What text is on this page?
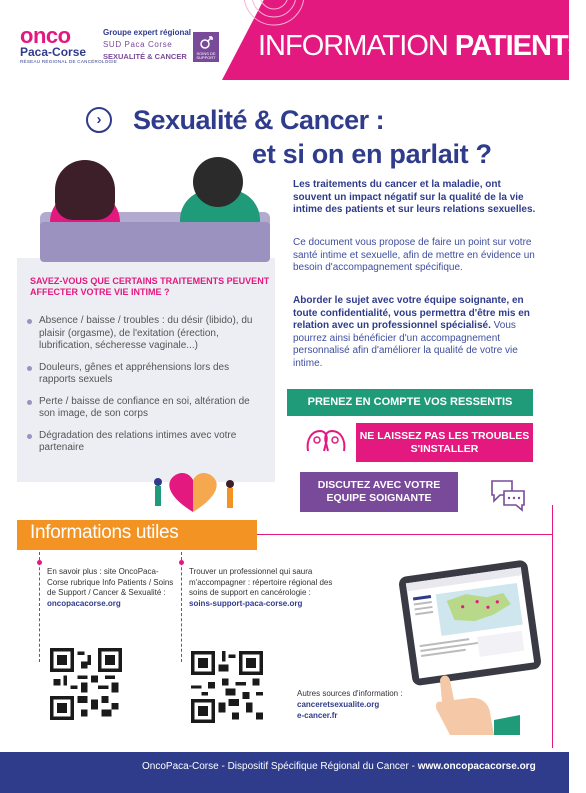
onco
Paca-Corse
RÉSEAU RÉGIONAL DE CANCÉROLOGIE
Groupe expert régional
SUD Paca Corse
SEXUALITÉ & CANCER	SOINS DE SUPPORT INFORMATION PATIENTS
›	Sexualité & Cancer :
et si on en parlait ?
SAVEZ-VOUS QUE CERTAINS TRAITEMENTS PEUVENT AFFECTER VOTRE VIE INTIME ?
Absence / baisse / troubles : du désir (libido), du plaisir (orgasme), de l'exitation (érection, lubrification, sécheresse vaginale...)
Douleurs, gênes et appréhensions lors des rapports sexuels
Perte / baisse de confiance en soi, altération de son image, de son corps
Dégradation des relations intimes avec votre partenaire
Les traitements du cancer et la maladie, ont souvent un impact négatif sur la qualité de la vie intime des patients et sur leurs relations sexuelles.
Ce document vous propose de faire un point sur votre santé intime et sexuelle, afin de mettre en évidence un besoin d'accompagnement spécifique.
Aborder le sujet avec votre équipe soignante, en toute confidentialité, vous permettra d'être mis en relation avec un professionnel spécialisé. Vous pourrez ainsi bénéficier d'un accompagnement personnalisé afin d'améliorer la qualité de votre vie intime.
PRENEZ EN COMPTE VOS RESSENTIS
NE LAISSEZ PAS LES TROUBLES S'INSTALLER
DISCUTEZ AVEC VOTRE EQUIPE SOIGNANTE
Informations utiles
En savoir plus : site OncoPaca-Corse rubrique Info Patients / Soins de Support / Cancer & Sexualité :
oncopacacorse.org
Trouver un professionnel qui saura m'accompagner : répertoire régional des soins de support en cancérologie :
soins-support-paca-corse.org
Autres sources d'information :
canceretsexualite.org
e-cancer.fr
OncoPaca-Corse - Dispositif Spécifique Régional du Cancer - www.oncopacacorse.org
